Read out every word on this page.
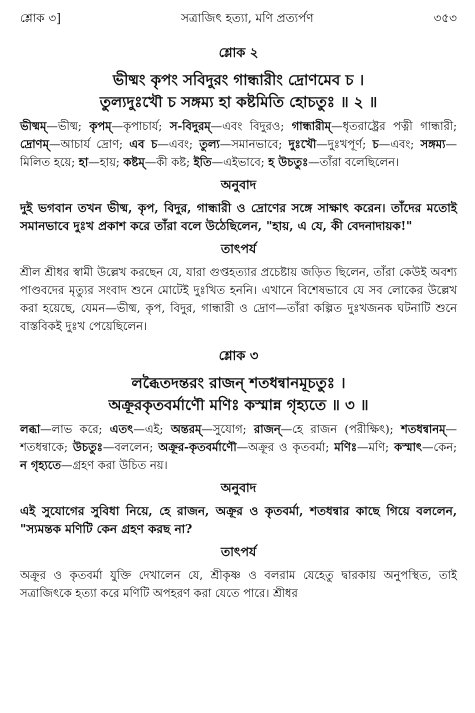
শ্লোক ৩]	সত্রাজিৎ হত্যা, মণি প্রত্যর্পণ	৩৫৩
শ্লোক ২
ভীষ্মং কৃপং সবিদুরং গান্ধারীং দ্রোণমেব চ ।
তুল্যদুঃখৌ চ সঙ্গম্য হা কষ্টমিতি হোচতুঃ ॥ ২ ॥
ভীষ্মম্—ভীষ্ম; কৃপম্—কৃপাচার্য; স-বিদুরম্—এবং বিদুরও; গান্ধারীম্—ধৃতরাষ্ট্রের পত্নী গান্ধারী; দ্রোণম্—আচার্য দ্রোণ; এব চ—এবং; তুল্য—সমানভাবে; দুঃখৌ—দুঃখপূর্ণ; চ—এবং; সঙ্গম্য—মিলিত হয়ে; হা—হায়; কষ্টম্—কী কষ্ট; ইতি—এইভাবে; হ উচতুঃ—তাঁরা বলেছিলেন।
অনুবাদ
দুই ভগবান তখন ভীষ্ম, কৃপ, বিদুর, গান্ধারী ও দ্রোণের সঙ্গে সাক্ষাৎ করেন। তাঁদের মতোই সমানভাবে দুঃখ প্রকাশ করে তাঁরা বলে উঠেছিলেন, "হায়, এ যে, কী বেদনাদায়ক!"
তাৎপর্য
শ্রীল শ্রীধর স্বামী উল্লেখ করছেন যে, যারা গুপ্তহত্যার প্রচেষ্টায় জড়িত ছিলেন, তাঁরা কেউই অবশ্য পাণ্ডবদের মৃত্যুর সংবাদ শুনে মোটেই দুঃখিত হননি। এখানে বিশেষভাবে যে সব লোকের উল্লেখ করা হয়েছে, যেমন—ভীষ্ম, কৃপ, বিদুর, গান্ধারী ও দ্রোণ—তাঁরা কল্পিত দুঃখজনক ঘটনাটি শুনে বাস্তবিকই দুঃখ পেয়েছিলেন।
শ্লোক ৩
লব্ধৈতদন্তরং রাজন্ শতধন্বানমূচতুঃ ।
অক্রূরকৃতবর্মাণৌ মণিঃ কস্মান্ন গৃহ্যতে ॥ ৩ ॥
লব্ধা—লাভ করে; এতৎ—এই; অন্তরম্—সুযোগ; রাজন্—হে রাজন (পরীক্ষিৎ); শতধন্বানম্—শতধন্বাকে; উচতুঃ—বললেন; অক্রূর-কৃতবর্মাণৌ—অক্রূর ও কৃতবর্মা; মণিঃ—মণি; কস্মাৎ—কেন; ন গৃহ্যতে—গ্রহণ করা উচিত নয়।
অনুবাদ
এই সুযোগের সুবিধা নিয়ে, হে রাজন, অক্রূর ও কৃতবর্মা, শতধন্বার কাছে গিয়ে বললেন, "স্যমন্তক মণিটি কেন গ্রহণ করছ না?
তাৎপর্য
অক্রূর ও কৃতবর্মা যুক্তি দেখালেন যে, শ্রীকৃষ্ণ ও বলরাম যেহেতু দ্বারকায় অনুপস্থিত, তাই সত্রাজিৎকে হত্যা করে মণিটি অপহরণ করা যেতে পারে। শ্রীধর
